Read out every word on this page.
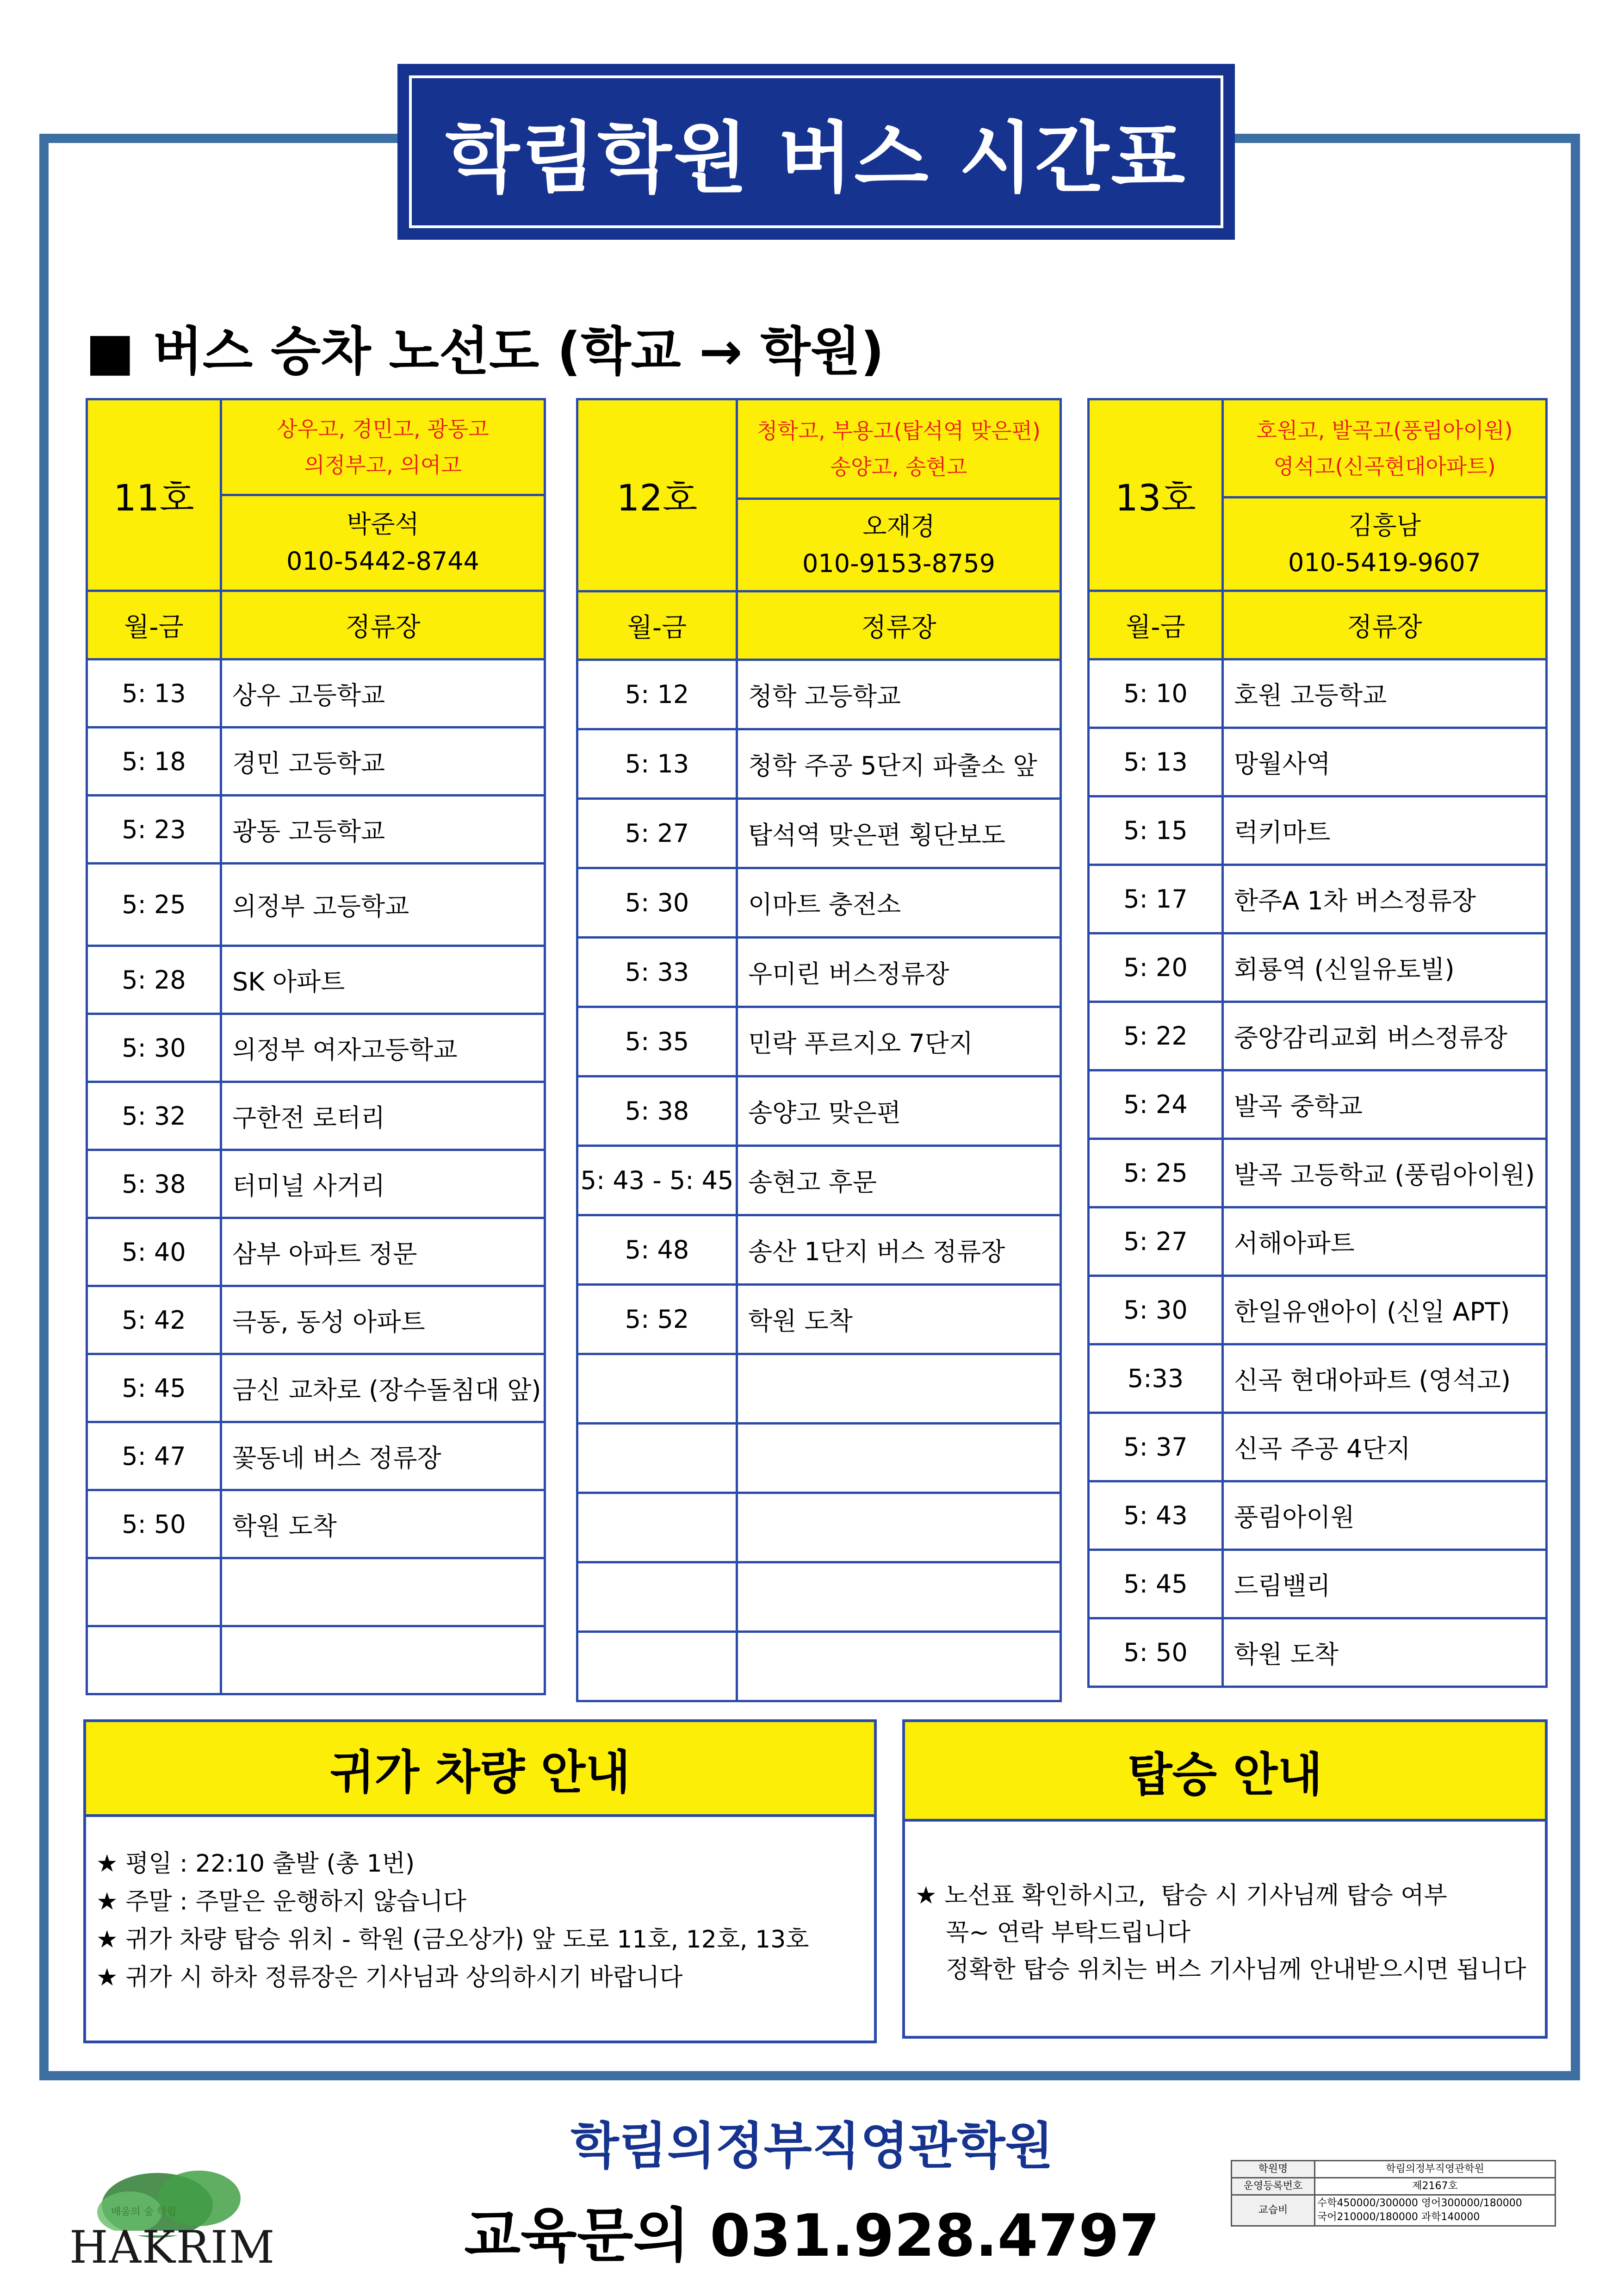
학림학원 버스 시간표
■ 버스 승차 노선도 (학교 → 학원)
11호	상우고, 경민고, 광동고
의정부고, 의여고
	박준석
010-5442-8744
월-금	정류장
5: 13	상우 고등학교
5: 18	경민 고등학교
5: 23	광동 고등학교
5: 25	의정부 고등학교
5: 28	SK 아파트
5: 30	의정부 여자고등학교
5: 32	구한전 로터리
5: 38	터미널 사거리
5: 40	삼부 아파트 정문
5: 42	극동, 동성 아파트
5: 45	금신 교차로 (장수돌침대 앞)
5: 47	꽃동네 버스 정류장
5: 50	학원 도착

12호	청학고, 부용고(탑석역 맞은편)
송양고, 송현고
	오재경
010-9153-8759
월-금	정류장
5: 12	청학 고등학교
5: 13	청학 주공 5단지 파출소 앞
5: 27	탑석역 맞은편 횡단보도
5: 30	이마트 충전소
5: 33	우미린 버스정류장
5: 35	민락 푸르지오 7단지
5: 38	송양고 맞은편
5: 43 - 5: 45	송현고 후문
5: 48	송산 1단지 버스 정류장
5: 52	학원 도착

13호	호원고, 발곡고(풍림아이원)
영석고(신곡현대아파트)
	김흥남
010-5419-9607
월-금	정류장
5: 10	호원 고등학교
5: 13	망월사역
5: 15	럭키마트
5: 17	한주A 1차 버스정류장
5: 20	회룡역 (신일유토빌)
5: 22	중앙감리교회 버스정류장
5: 24	발곡 중학교
5: 25	발곡 고등학교 (풍림아이원)
5: 27	서해아파트
5: 30	한일유앤아이 (신일 APT)
5:33	신곡 현대아파트 (영석고)
5: 37	신곡 주공 4단지
5: 43	풍림아이원
5: 45	드림밸리
5: 50	학원 도착
귀가 차량 안내
★ 평일 : 22:10 출발 (총 1번)
★ 주말 : 주말은 운행하지 않습니다
★ 귀가 차량 탑승 위치 - 학원 (금오상가) 앞 도로 11호, 12호, 13호
★ 귀가 시 하차 정류장은 기사님과 상의하시기 바랍니다
탑승 안내
★ 노선표 확인하시고,  탑승 시 기사님께 탑승 여부
꼭~ 연락 부탁드립니다
정확한 탑승 위치는 버스 기사님께 안내받으시면 됩니다
학림의정부직영관학원
교육문의 031.928.4797
배움의 숲 학림
HAKRIM
학원명	학림의정부직영관학원
운영등록번호	제2167호
교습비	수학450000/300000 영어300000/180000
국어210000/180000 과학140000
